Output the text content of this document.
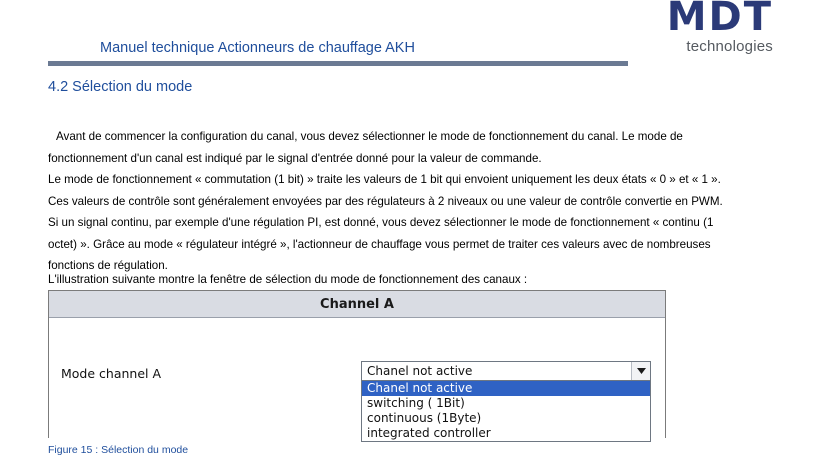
MDT
technologies
Manuel technique Actionneurs de chauffage AKH
4.2 Sélection du mode

Avant de commencer la configuration du canal, vous devez sélectionner le mode de fonctionnement du canal. Le mode de

fonctionnement d'un canal est indiqué par le signal d'entrée donné pour la valeur de commande.

Le mode de fonctionnement « commutation (1 bit) » traite les valeurs de 1 bit qui envoient uniquement les deux états « 0 » et « 1 ».

Ces valeurs de contrôle sont généralement envoyées par des régulateurs à 2 niveaux ou une valeur de contrôle convertie en PWM.

Si un signal continu, par exemple d'une régulation PI, est donné, vous devez sélectionner le mode de fonctionnement « continu (1

octet) ». Grâce au mode « régulateur intégré », l'actionneur de chauffage vous permet de traiter ces valeurs avec de nombreuses

fonctions de régulation.

L'illustration suivante montre la fenêtre de sélection du mode de fonctionnement des canaux :
Channel A
Mode channel A	Chanel not active
Chanel not active
switching ( 1Bit)
continuous (1Byte)
integrated controller
Figure 15 : Sélection du mode
